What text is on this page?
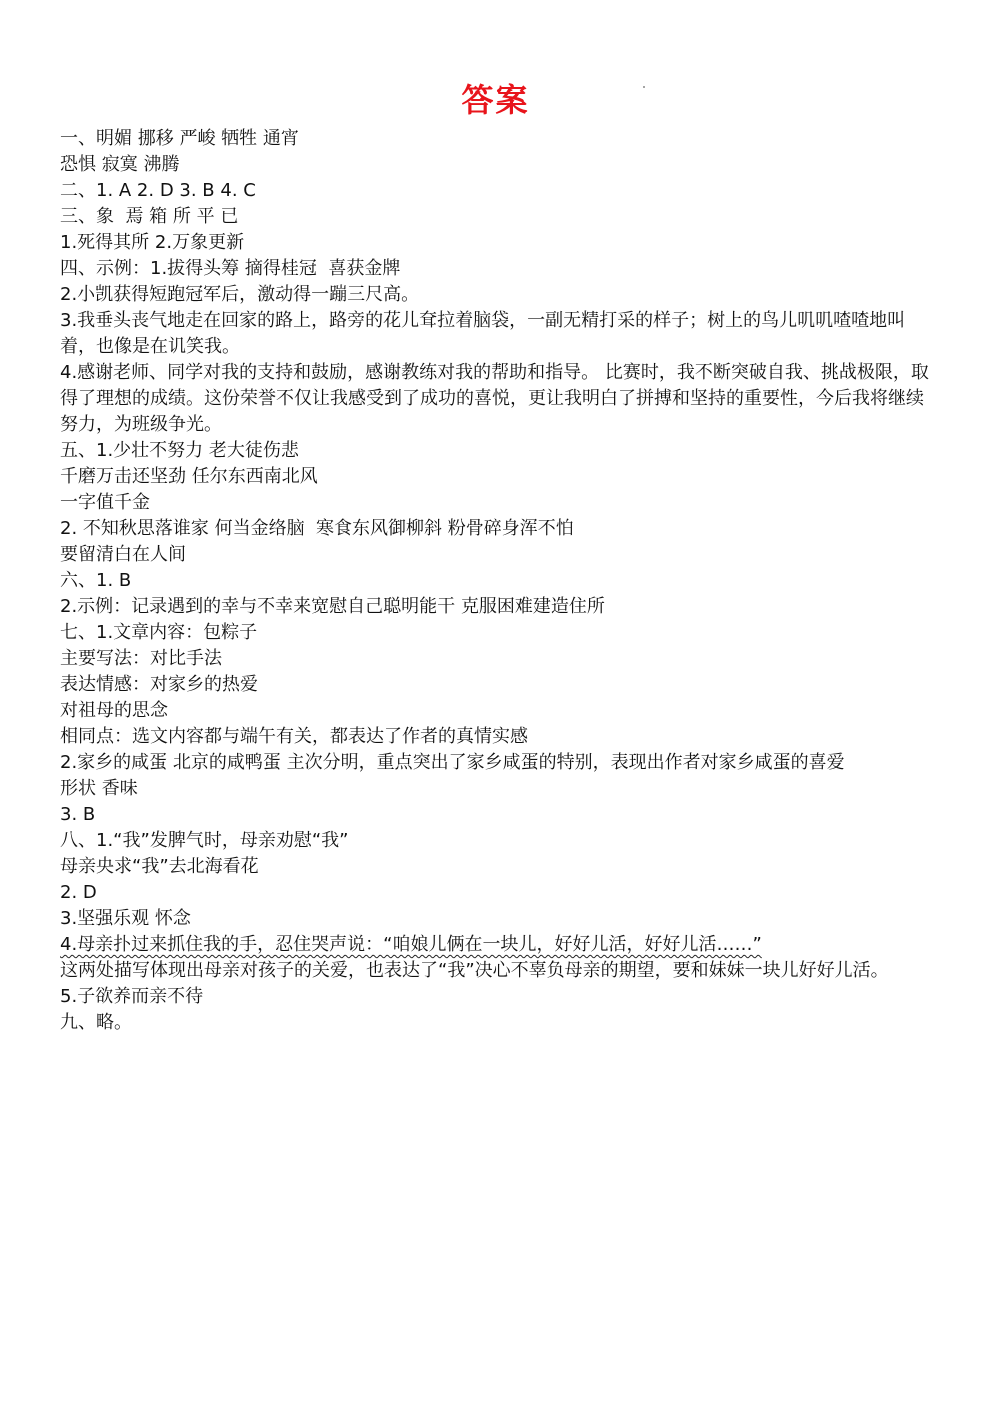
答案
一、明媚 挪移 严峻 牺牲 通宵
恐惧 寂寞 沸腾
二、1. A 2. D 3. B 4. C
三、象  焉 箱 所 平 已
1.死得其所 2.万象更新
四、示例：1.拔得头筹 摘得桂冠  喜获金牌
2.小凯获得短跑冠军后，激动得一蹦三尺高。
3.我垂头丧气地走在回家的路上，路旁的花儿耷拉着脑袋，一副无精打采的样子；树上的鸟儿叽叽喳喳地叫着，也像是在讥笑我。
4.感谢老师、同学对我的支持和鼓励，感谢教练对我的帮助和指导。 比赛时，我不断突破自我、挑战极限，取得了理想的成绩。这份荣誉不仅让我感受到了成功的喜悦，更让我明白了拼搏和坚持的重要性，今后我将继续努力，为班级争光。
五、1.少壮不努力 老大徒伤悲
千磨万击还坚劲 任尔东西南北风
一字值千金
2. 不知秋思落谁家 何当金络脑  寒食东风御柳斜 粉骨碎身浑不怕
要留清白在人间
六、1. B
2.示例：记录遇到的幸与不幸来宽慰自己聪明能干 克服困难建造住所
七、1.文章内容：包粽子
主要写法：对比手法
表达情感：对家乡的热爱
对祖母的思念
相同点：选文内容都与端午有关，都表达了作者的真情实感
2.家乡的咸蛋 北京的咸鸭蛋 主次分明，重点突出了家乡咸蛋的特别，表现出作者对家乡咸蛋的喜爱
形状 香味
3. B
八、1.“我”发脾气时，母亲劝慰“我”
母亲央求“我”去北海看花
2. D
3.坚强乐观 怀念
4.母亲扑过来抓住我的手，忍住哭声说：“咱娘儿俩在一块儿，好好儿活，好好儿活……”
这两处描写体现出母亲对孩子的关爱，也表达了“我”决心不辜负母亲的期望，要和妹妹一块儿好好儿活。
5.子欲养而亲不待
九、略。
